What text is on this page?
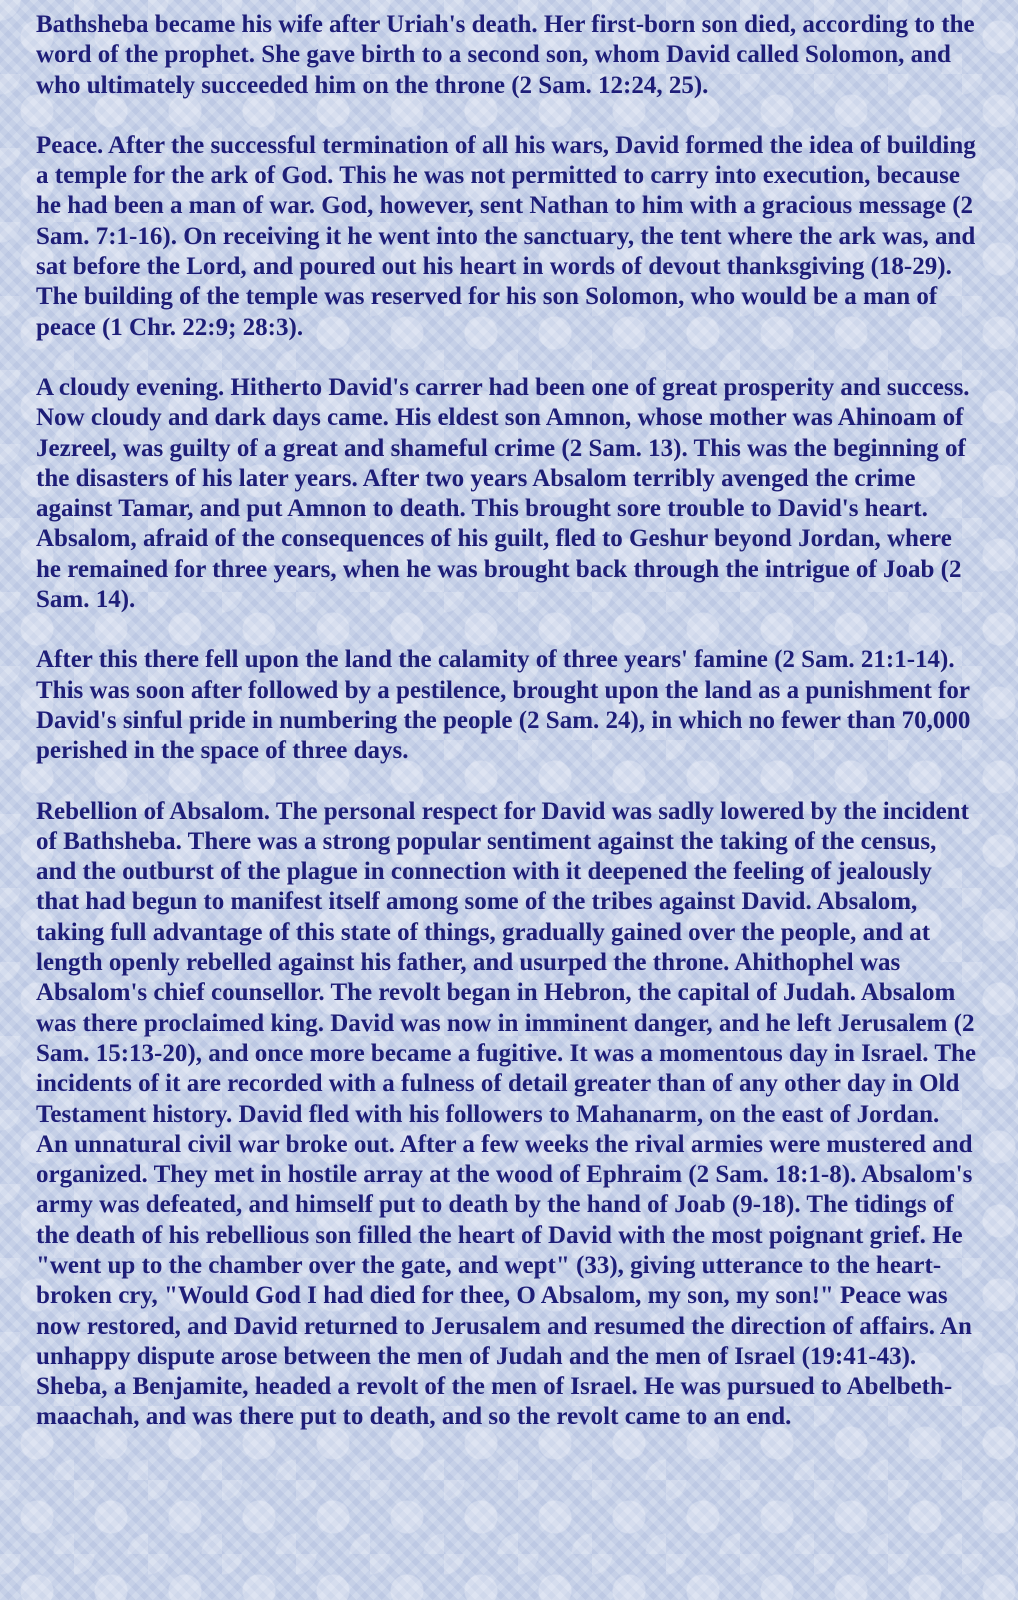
Bathsheba became his wife after Uriah's death. Her first-born son died, according to the word of the prophet. She gave birth to a second son, whom David called Solomon, and who ultimately succeeded him on the throne (2 Sam. 12:24, 25).

Peace. After the successful termination of all his wars, David formed the idea of building a temple for the ark of God. This he was not permitted to carry into execution, because he had been a man of war. God, however, sent Nathan to him with a gracious message (2 Sam. 7:1-16). On receiving it he went into the sanctuary, the tent where the ark was, and sat before the Lord, and poured out his heart in words of devout thanksgiving (18-29). The building of the temple was reserved for his son Solomon, who would be a man of peace (1 Chr. 22:9; 28:3).

A cloudy evening. Hitherto David's carrer had been one of great prosperity and success. Now cloudy and dark days came. His eldest son Amnon, whose mother was Ahinoam of Jezreel, was guilty of a great and shameful crime (2 Sam. 13). This was the beginning of the disasters of his later years. After two years Absalom terribly avenged the crime against Tamar, and put Amnon to death. This brought sore trouble to David's heart. Absalom, afraid of the consequences of his guilt, fled to Geshur beyond Jordan, where he remained for three years, when he was brought back through the intrigue of Joab (2 Sam. 14).

After this there fell upon the land the calamity of three years' famine (2 Sam. 21:1-14). This was soon after followed by a pestilence, brought upon the land as a punishment for David's sinful pride in numbering the people (2 Sam. 24), in which no fewer than 70,000 perished in the space of three days.

Rebellion of Absalom. The personal respect for David was sadly lowered by the incident of Bathsheba. There was a strong popular sentiment against the taking of the census, and the outburst of the plague in connection with it deepened the feeling of jealously that had begun to manifest itself among some of the tribes against David. Absalom, taking full advantage of this state of things, gradually gained over the people, and at length openly rebelled against his father, and usurped the throne. Ahithophel was Absalom's chief counsellor. The revolt began in Hebron, the capital of Judah. Absalom was there proclaimed king. David was now in imminent danger, and he left Jerusalem (2 Sam. 15:13-20), and once more became a fugitive. It was a momentous day in Israel. The incidents of it are recorded with a fulness of detail greater than of any other day in Old Testament history. David fled with his followers to Mahanarm, on the east of Jordan. An unnatural civil war broke out. After a few weeks the rival armies were mustered and organized. They met in hostile array at the wood of Ephraim (2 Sam. 18:1-8). Absalom's army was defeated, and himself put to death by the hand of Joab (9-18). The tidings of the death of his rebellious son filled the heart of David with the most poignant grief. He "went up to the chamber over the gate, and wept" (33), giving utterance to the heart-broken cry, "Would God I had died for thee, O Absalom, my son, my son!" Peace was now restored, and David returned to Jerusalem and resumed the direction of affairs. An unhappy dispute arose between the men of Judah and the men of Israel (19:41-43). Sheba, a Benjamite, headed a revolt of the men of Israel. He was pursued to Abelbeth-maachah, and was there put to death, and so the revolt came to an end.
